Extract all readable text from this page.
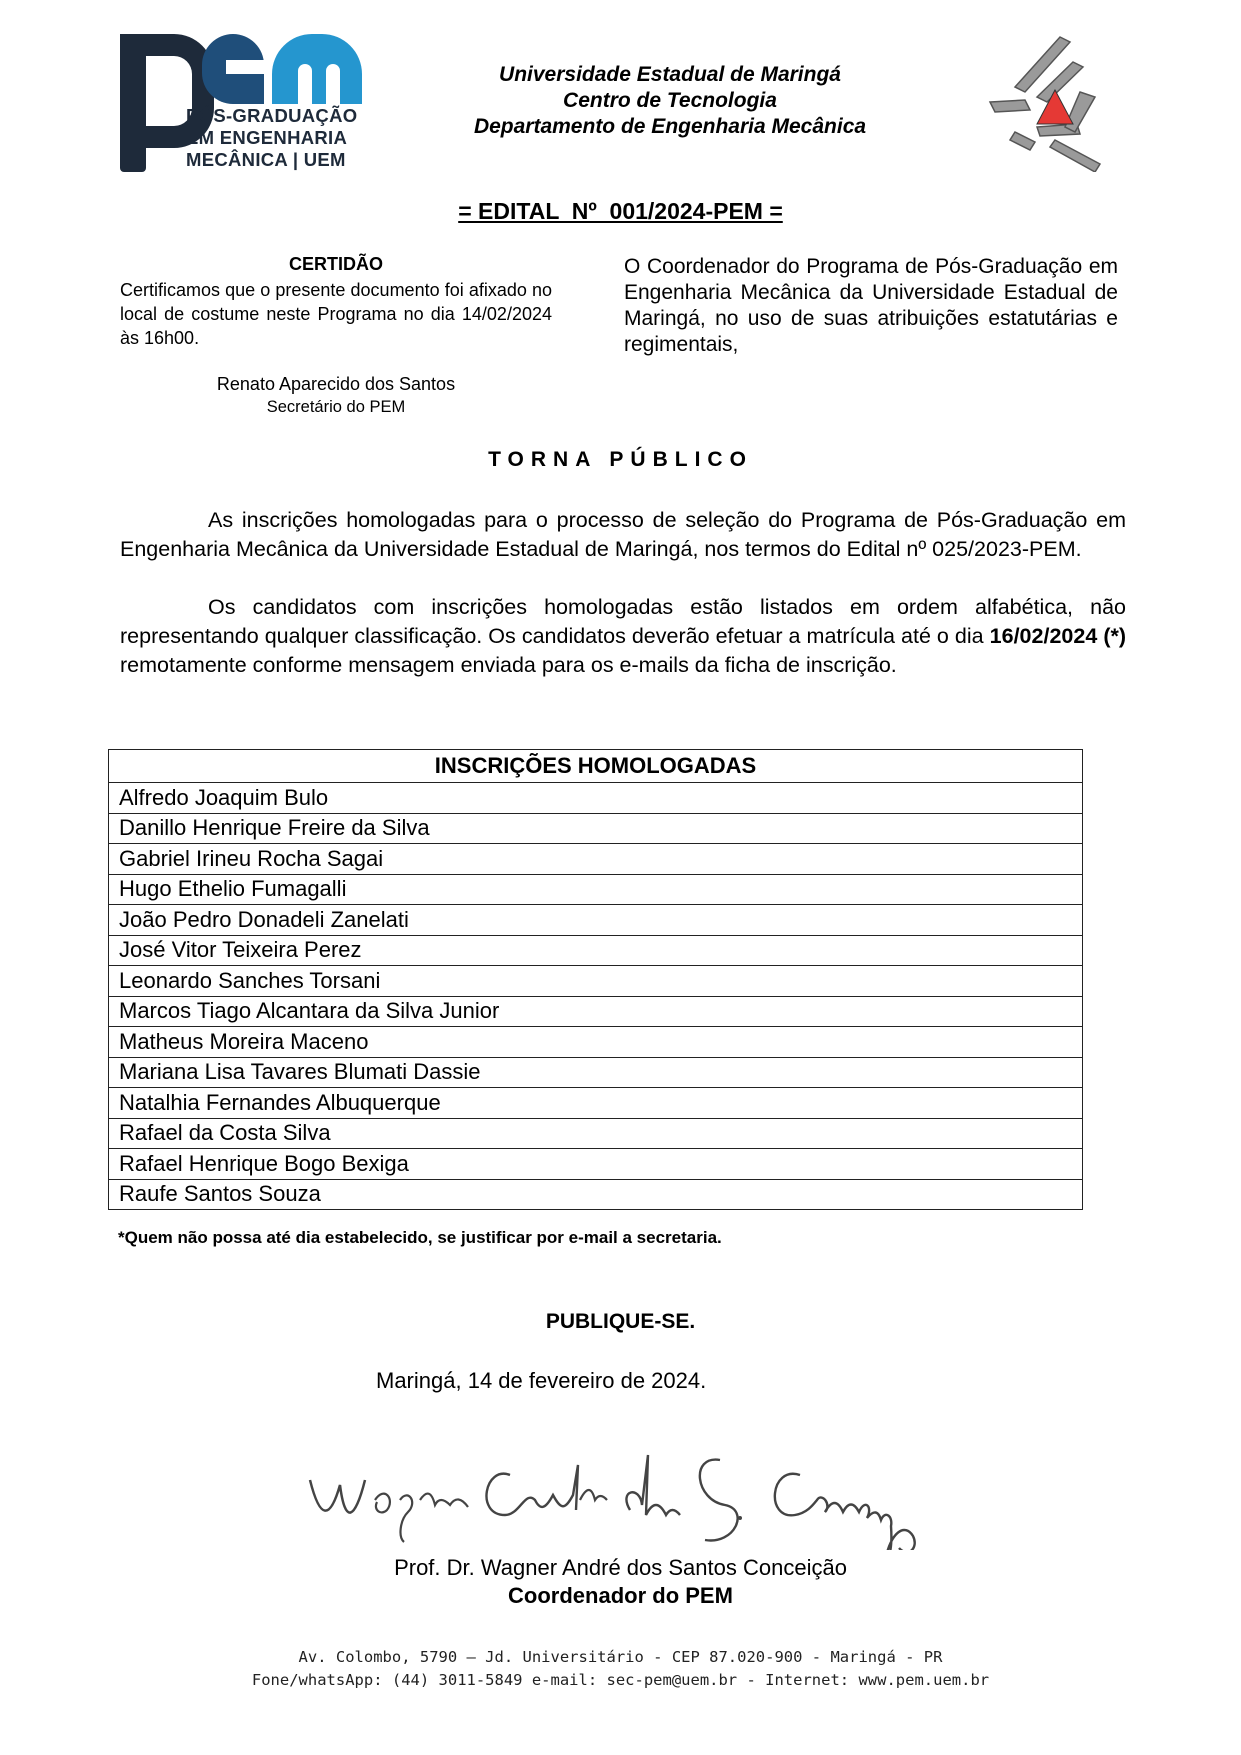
PÓS-GRADUAÇÃO
EM ENGENHARIA
MECÂNICA | UEM
Universidade Estadual de Maringá
Centro de Tecnologia
Departamento de Engenharia Mecânica
= EDITAL  Nº  001/2024-PEM =
CERTIDÃO
Certificamos que o presente documento foi afixado no local de costume neste Programa no dia 14/02/2024 às 16h00.
Renato Aparecido dos Santos
Secretário do PEM
O Coordenador do Programa de Pós-Graduação em Engenharia Mecânica da Universidade Estadual de Maringá, no uso de suas atribuições estatutárias e regimentais,
TORNA PÚBLICO
As inscrições homologadas para o processo de seleção do Programa de Pós-Graduação em Engenharia Mecânica da Universidade Estadual de Maringá, nos termos do Edital nº 025/2023-PEM.
Os candidatos com inscrições homologadas estão listados em ordem alfabética, não representando qualquer classificação. Os candidatos deverão efetuar a matrícula até o dia 16/02/2024 (*) remotamente conforme mensagem enviada para os e-mails da ficha de inscrição.
INSCRIÇÕES HOMOLOGADAS
Alfredo Joaquim Bulo
Danillo Henrique Freire da Silva
Gabriel Irineu Rocha Sagai
Hugo Ethelio Fumagalli
João Pedro Donadeli Zanelati
José Vitor Teixeira Perez
Leonardo Sanches Torsani
Marcos Tiago Alcantara da Silva Junior
Matheus Moreira Maceno
Mariana Lisa Tavares Blumati Dassie
Natalhia Fernandes Albuquerque
Rafael da Costa Silva
Rafael Henrique Bogo Bexiga
Raufe Santos Souza
*Quem não possa até dia estabelecido, se justificar por e-mail a secretaria.
PUBLIQUE-SE.
Maringá, 14 de fevereiro de 2024.
Prof. Dr. Wagner André dos Santos Conceição
Coordenador do PEM
Av. Colombo, 5790 – Jd. Universitário - CEP 87.020-900 - Maringá - PR
Fone/whatsApp: (44) 3011-5849 e-mail: sec-pem@uem.br - Internet: www.pem.uem.br
